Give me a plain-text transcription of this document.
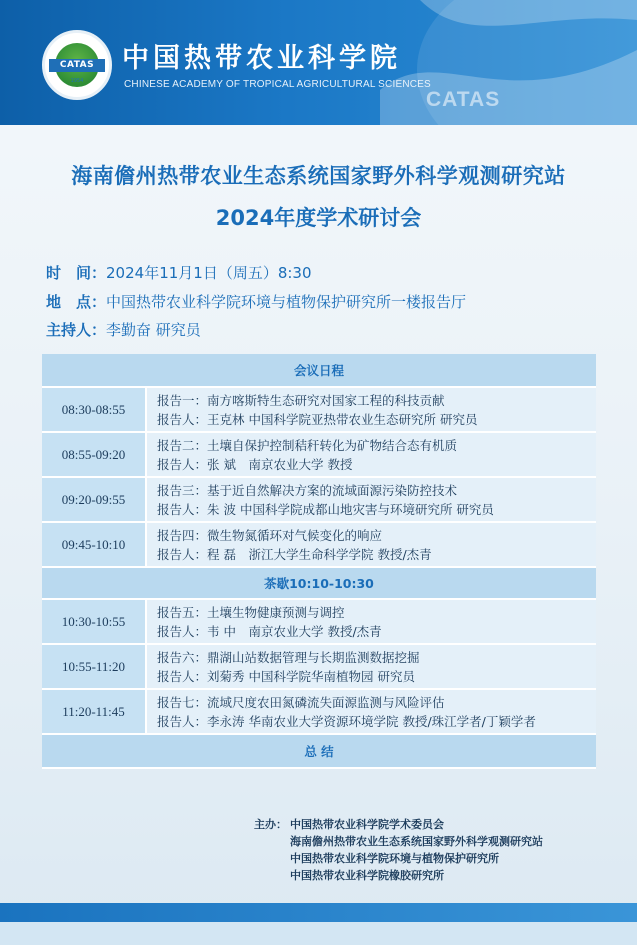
CATAS
1954
中国热带农业科学院
CHINESE ACADEMY OF TROPICAL AGRICULTURAL SCIENCES
CATAS
海南儋州热带农业生态系统国家野外科学观测研究站
2024年度学术研讨会
时　间：2024年11月1日（周五）8:30
地　点：中国热带农业科学院环境与植物保护研究所一楼报告厅
主持人：李勤奋 研究员
会议日程	
08:30-08:55	报告一：南方喀斯特生态研究对国家工程的科技贡献
报告人：王克林 中国科学院亚热带农业生态研究所 研究员

08:55-09:20	报告二：土壤自保护控制秸秆转化为矿物结合态有机质
报告人：张 斌　南京农业大学 教授

09:20-09:55	报告三：基于近自然解决方案的流域面源污染防控技术
报告人：朱 波 中国科学院成都山地灾害与环境研究所 研究员

09:45-10:10	报告四：微生物氮循环对气候变化的响应
报告人：程 磊　浙江大学生命科学学院 教授/杰青

茶歇10:10-10:30	
10:30-10:55	报告五：土壤生物健康预测与调控
报告人：韦 中　南京农业大学 教授/杰青

10:55-11:20	报告六：鼎湖山站数据管理与长期监测数据挖掘
报告人：刘菊秀 中国科学院华南植物园 研究员

11:20-11:45	报告七：流域尺度农田氮磷流失面源监测与风险评估
报告人：李永涛 华南农业大学资源环境学院 教授/珠江学者/丁颖学者

总 结	
主办： 中国热带农业科学院学术委员会
海南儋州热带农业生态系统国家野外科学观测研究站
中国热带农业科学院环境与植物保护研究所
中国热带农业科学院橡胶研究所
